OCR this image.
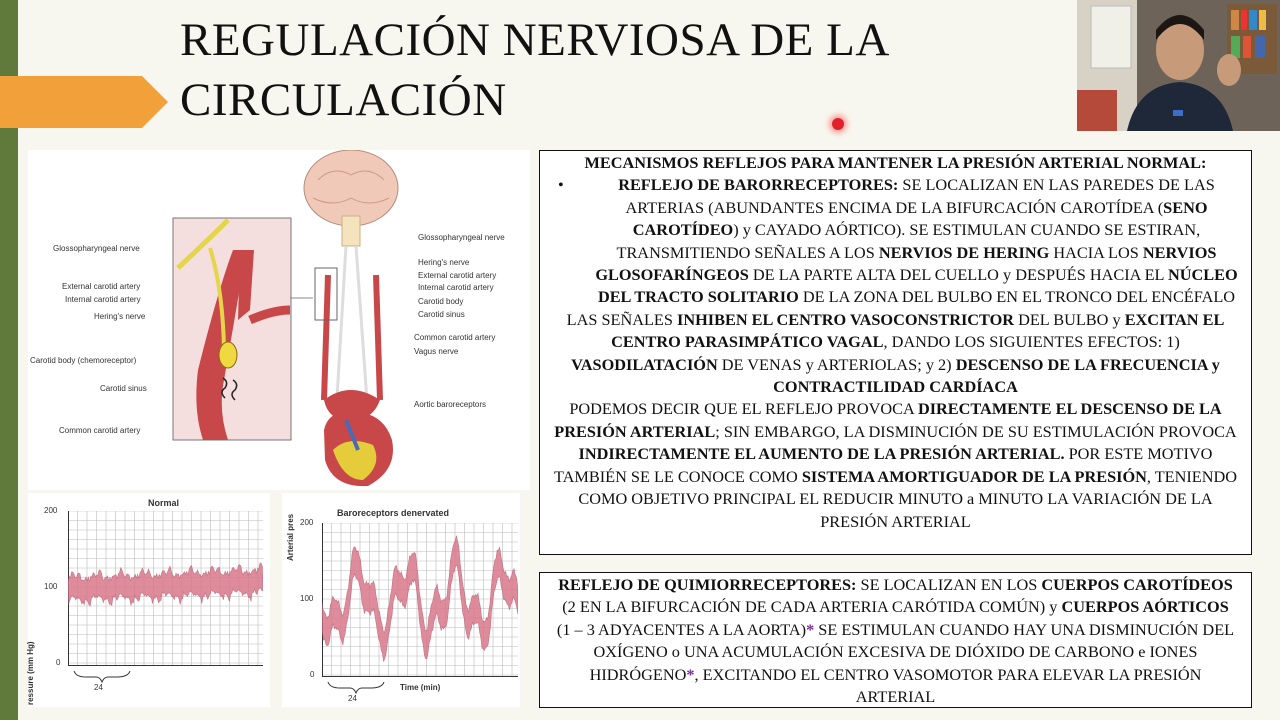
REGULACIÓN NERVIOSA DE LA
CIRCULACIÓN
Glossopharyngeal nerve
External carotid artery
Internal carotid artery
Hering's nerve
Carotid body (chemoreceptor)
Carotid sinus
Common carotid artery
Glossopharyngeal nerve
Hering's nerve
External carotid artery
Internal carotid artery
Carotid body
Carotid sinus
Common carotid artery
Vagus nerve
Aortic baroreceptors
Normal
ressure (mm Hg)
200
100
0
24
Baroreceptors denervated
Arterial pres 200
100
0
24
Time (min)

MECANISMOS REFLEJOS PARA MANTENER LA PRESIÓN ARTERIAL NORMAL:

•	REFLEJO DE BARORRECEPTORES: SE LOCALIZAN EN LAS PAREDES DE LAS ARTERIAS (ABUNDANTES ENCIMA DE LA BIFURCACIÓN CAROTÍDEA (SENO CAROTÍDEO) y CAYADO AÓRTICO). SE ESTIMULAN CUANDO SE ESTIRAN, TRANSMITIENDO SEÑALES A LOS NERVIOS DE HERING HACIA LOS NERVIOS GLOSOFARÍNGEOS DE LA PARTE ALTA DEL CUELLO y DESPUÉS HACIA EL NÚCLEO DEL TRACTO SOLITARIO DE LA ZONA DEL BULBO EN EL TRONCO DEL ENCÉFALO

LAS SEÑALES INHIBEN EL CENTRO VASOCONSTRICTOR DEL BULBO y EXCITAN EL CENTRO PARASIMPÁTICO VAGAL, DANDO LOS SIGUIENTES EFECTOS: 1) VASODILATACIÓN DE VENAS y ARTERIOLAS; y 2) DESCENSO DE LA FRECUENCIA y CONTRACTILIDAD CARDÍACA

PODEMOS DECIR QUE EL REFLEJO PROVOCA DIRECTAMENTE EL DESCENSO DE LA PRESIÓN ARTERIAL; SIN EMBARGO, LA DISMINUCIÓN DE SU ESTIMULACIÓN PROVOCA INDIRECTAMENTE EL AUMENTO DE LA PRESIÓN ARTERIAL. POR ESTE MOTIVO TAMBIÉN SE LE CONOCE COMO SISTEMA AMORTIGUADOR DE LA PRESIÓN, TENIENDO COMO OBJETIVO PRINCIPAL EL REDUCIR MINUTO a MINUTO LA VARIACIÓN DE LA PRESIÓN ARTERIAL

REFLEJO DE QUIMIORRECEPTORES: SE LOCALIZAN EN LOS CUERPOS CAROTÍDEOS (2 EN LA BIFURCACIÓN DE CADA ARTERIA CARÓTIDA COMÚN) y CUERPOS AÓRTICOS (1 – 3 ADYACENTES A LA AORTA)* SE ESTIMULAN CUANDO HAY UNA DISMINUCIÓN DEL OXÍGENO o UNA ACUMULACIÓN EXCESIVA DE DIÓXIDO DE CARBONO e IONES HIDRÓGENO*, EXCITANDO EL CENTRO VASOMOTOR PARA ELEVAR LA PRESIÓN ARTERIAL
